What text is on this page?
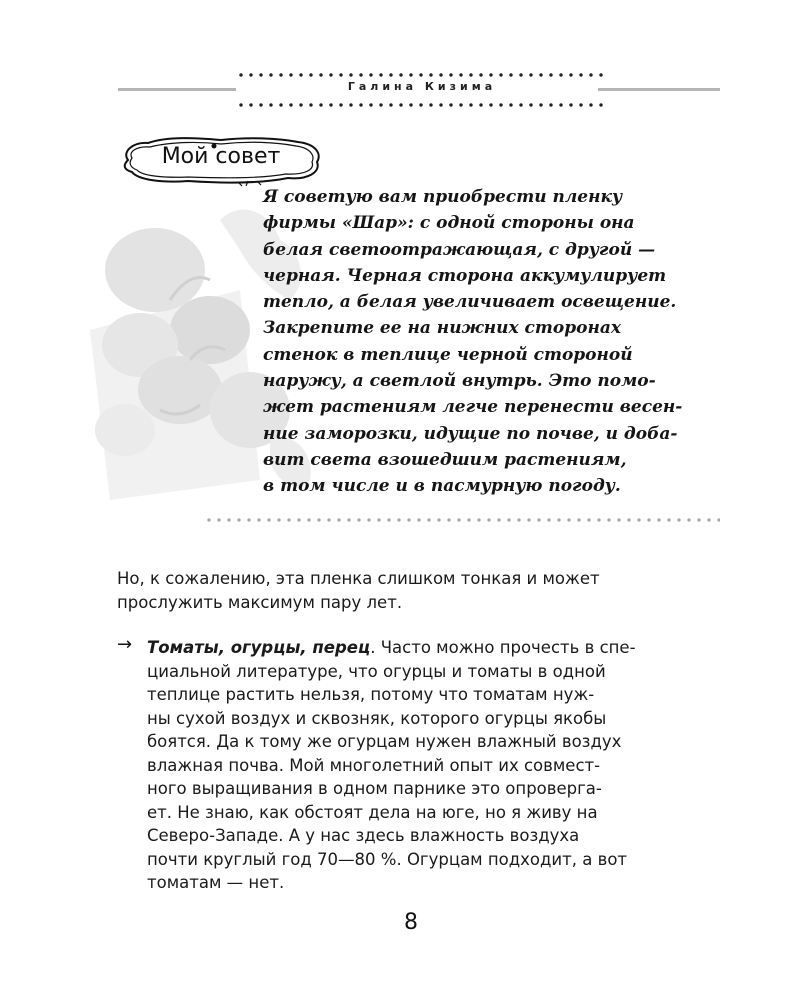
Галина Кизима
Мой совет

Я советую вам приобрести пленку
фирмы «Шар»: с одной стороны она
белая светоотражающая, с другой —
черная. Черная сторона аккумулирует
тепло, а белая увеличивает освещение.
Закрепите ее на нижних сторонах
стенок в теплице черной стороной
наружу, а светлой внутрь. Это помо-
жет растениям легче перенести весен-
ние заморозки, идущие по почве, и доба-
вит света взошедшим растениям,
в том числе и в пасмурную погоду.

Но, к сожалению, эта пленка слишком тонкая и может
прослужить максимум пару лет.

→ Томаты, огурцы, перец. Часто можно прочесть в спе-
циальной литературе, что огурцы и томаты в одной
теплице растить нельзя, потому что томатам нуж-
ны сухой воздух и сквозняк, которого огурцы якобы
боятся. Да к тому же огурцам нужен влажный воздух
влажная почва. Мой многолетний опыт их совмест-
ного выращивания в одном парнике это опроверга-
ет. Не знаю, как обстоят дела на юге, но я живу на
Северо-Западе. А у нас здесь влажность воздуха
почти круглый год 70—80 %. Огурцам подходит, а вот
томатам — нет.

8
